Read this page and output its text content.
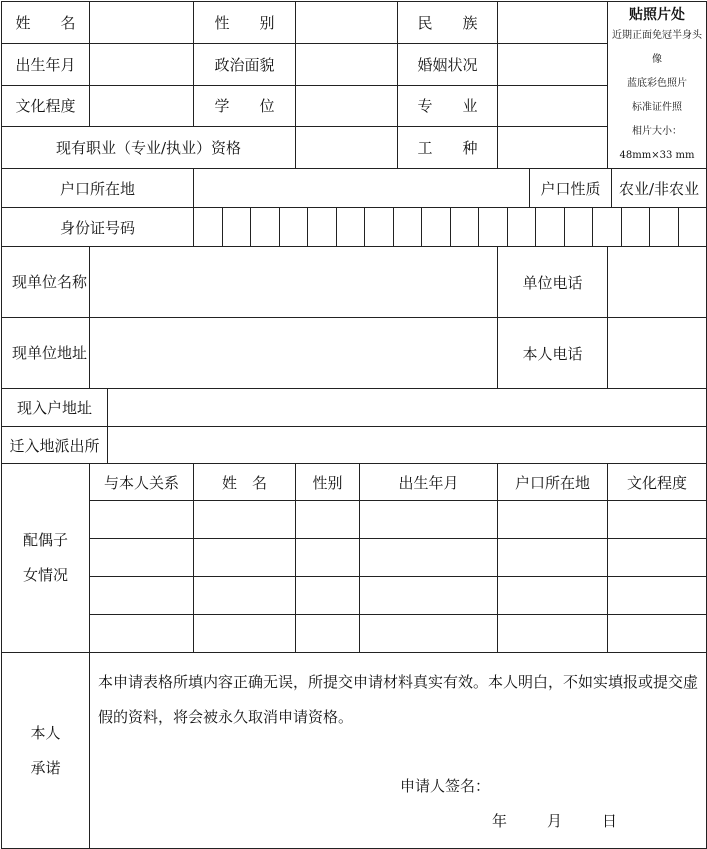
姓　　名			性　　别			民　　族			贴照片处
近期正面免冠半身头像
蓝底彩色照片
标准证件照
相片大小：48mm×33 mm	

出生年月			政治面貌			婚姻状况				
文化程度			学　　位			专　　业				
现有职业（专业/执业）资格						工　　种				
户口所在地								户口性质		农业/非农业
身份证号码										

现单位名称							单位电话			
现单位地址							本人电话			
现入户地址										
迁入地派出所										

配偶子女情况	与本人关系		姓　名	性别	出生年月		户口所在地		文化程度	

本人承诺	本申请表格所填内容正确无误，所提交申请材料真实有效。本人明白，不如实填报或提交虚假的资料，将会被永久取消申请资格。
申请人签名：
年 月 日									
